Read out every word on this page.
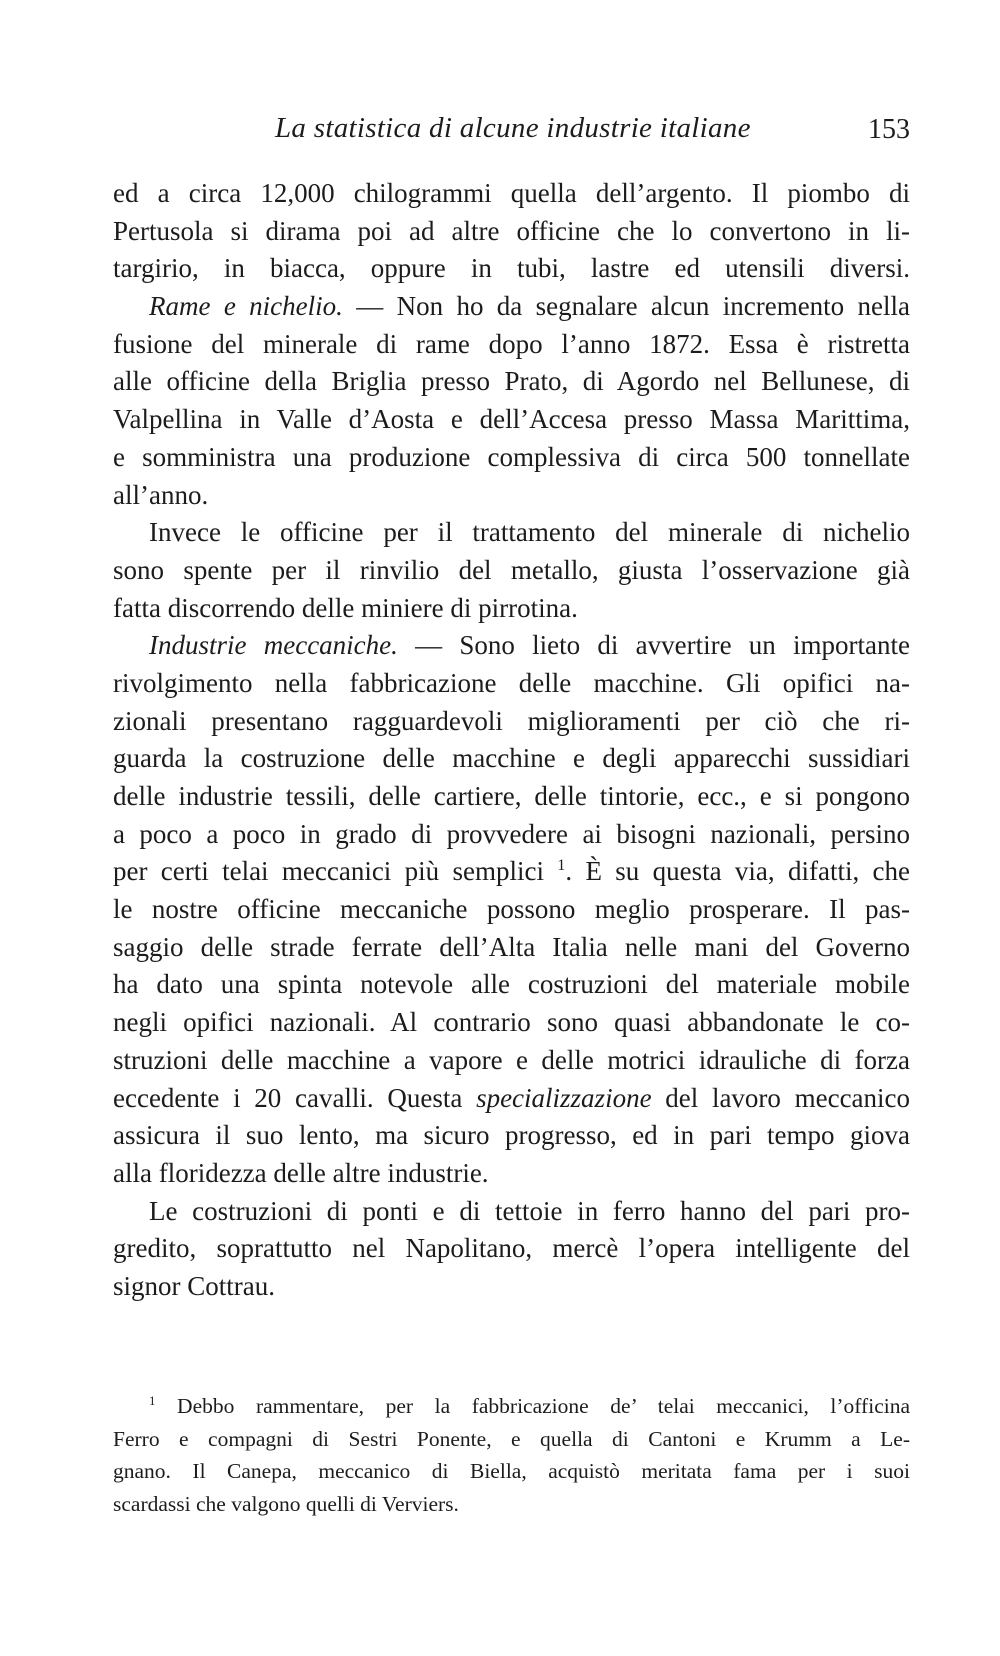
La statistica di alcune industrie italiane	153
ed a circa 12,000 chilogrammi quella dell’argento. Il piombo di
Pertusola si dirama poi ad altre officine che lo convertono in li-
targirio, in biacca, oppure in tubi, lastre ed utensili diversi.
Rame e nichelio. — Non ho da segnalare alcun incremento nella
fusione del minerale di rame dopo l’anno 1872. Essa è ristretta
alle officine della Briglia presso Prato, di Agordo nel Bellunese, di
Valpellina in Valle d’Aosta e dell’Accesa presso Massa Marittima,
e somministra una produzione complessiva di circa 500 tonnellate
all’anno.
Invece le officine per il trattamento del minerale di nichelio
sono spente per il rinvilio del metallo, giusta l’osservazione già
fatta discorrendo delle miniere di pirrotina.
Industrie meccaniche. — Sono lieto di avvertire un importante
rivolgimento nella fabbricazione delle macchine. Gli opifici na-
zionali presentano ragguardevoli miglioramenti per ciò che ri-
guarda la costruzione delle macchine e degli apparecchi sussidiari
delle industrie tessili, delle cartiere, delle tintorie, ecc., e si pongono
a poco a poco in grado di provvedere ai bisogni nazionali, persino
per certi telai meccanici più semplici $^1$. È su questa via, difatti, che
le nostre officine meccaniche possono meglio prosperare. Il pas-
saggio delle strade ferrate dell’Alta Italia nelle mani del Governo
ha dato una spinta notevole alle costruzioni del materiale mobile
negli opifici nazionali. Al contrario sono quasi abbandonate le co-
struzioni delle macchine a vapore e delle motrici idrauliche di forza
eccedente i 20 cavalli. Questa specializzazione del lavoro meccanico
assicura il suo lento, ma sicuro progresso, ed in pari tempo giova
alla floridezza delle altre industrie.
Le costruzioni di ponti e di tettoie in ferro hanno del pari pro-
gredito, soprattutto nel Napolitano, mercè l’opera intelligente del
signor Cottrau.
$^1$ Debbo rammentare, per la fabbricazione de’ telai meccanici, l’officina
Ferro e compagni di Sestri Ponente, e quella di Cantoni e Krumm a Le-
gnano. Il Canepa, meccanico di Biella, acquistò meritata fama per i suoi
scardassi che valgono quelli di Verviers.
